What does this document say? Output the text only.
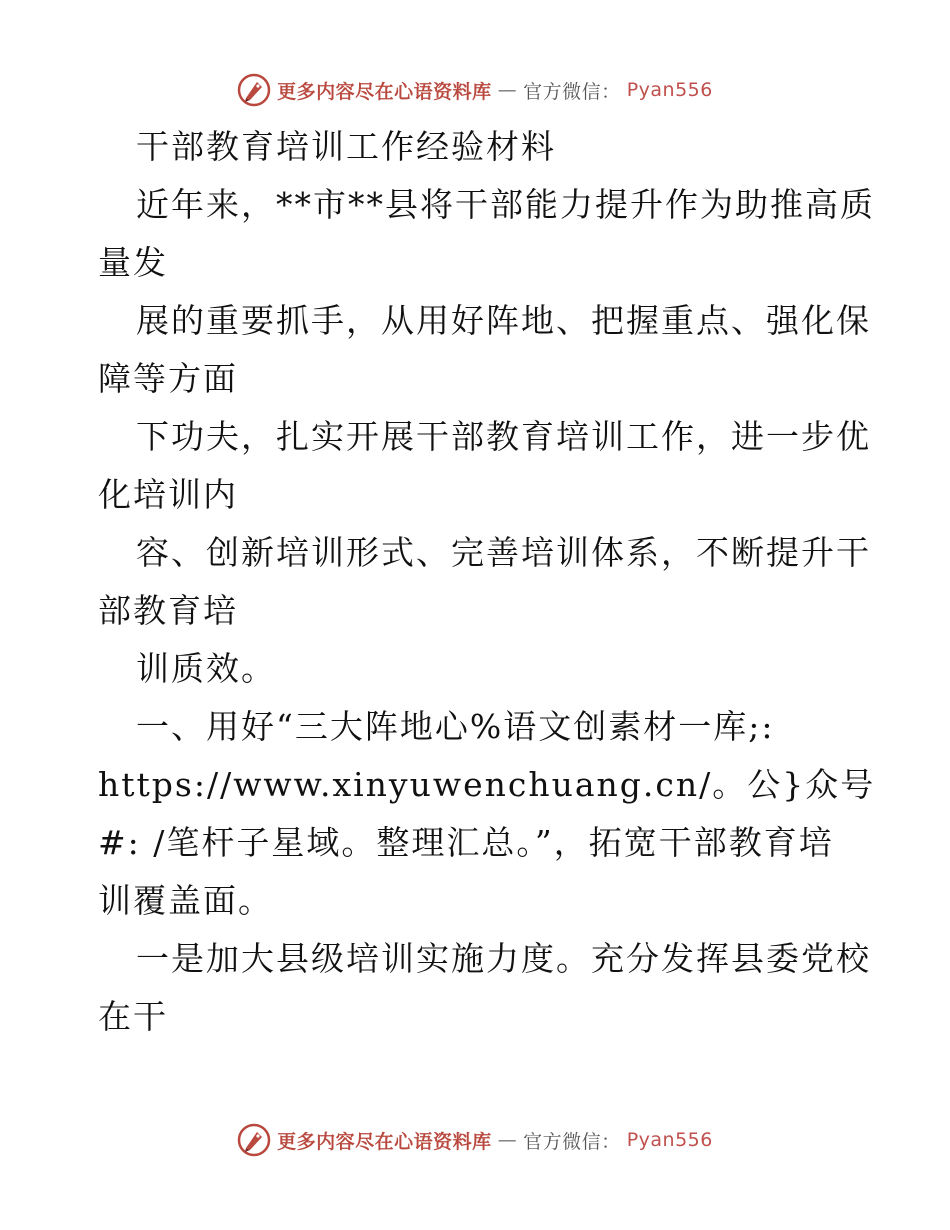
更多内容尽在心语资料库 — 官方微信： Pyan556
干部教育培训工作经验材料
近年来，**市**县将干部能力提升作为助推高质
量发
展的重要抓手，从用好阵地、把握重点、强化保
障等方面
下功夫，扎实开展干部教育培训工作，进一步优
化培训内
容、创新培训形式、完善培训体系，不断提升干
部教育培
训质效。
一、用好“三大阵地心%语文创素材一库;:
https://www.xinyuwenchuang.cn/。公}众号
#: /笔杆子星域。整理汇总。”，拓宽干部教育培
训覆盖面。
一是加大县级培训实施力度。充分发挥县委党校
在干
更多内容尽在心语资料库 — 官方微信： Pyan556
